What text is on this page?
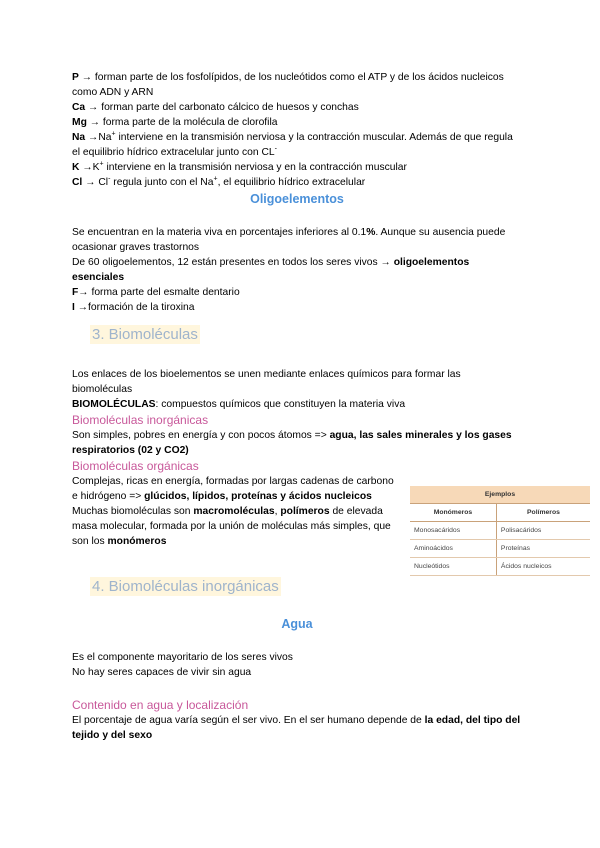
P → forman parte de los fosfolípidos, de los nucleótidos como el ATP y de los ácidos nucleicos como ADN y ARN

Ca → forman parte del carbonato cálcico de huesos y conchas

Mg → forma parte de la molécula de clorofila

Na →Na+ interviene en la transmisión nerviosa y la contracción muscular. Además de que regula el equilibrio hídrico extracelular junto con CL-

K →K+ interviene en la transmisión nerviosa y en la contracción muscular

Cl → Cl- regula junto con el Na+, el equilibrio hídrico extracelular

Oligoelementos

Se encuentran en la materia viva en porcentajes inferiores al 0.1%. Aunque su ausencia puede ocasionar graves trastornos

De 60 oligoelementos, 12 están presentes en todos los seres vivos → oligoelementos esenciales

F→ forma parte del esmalte dentario

I →formación de la tiroxina

3. Biomoléculas

Los enlaces de los bioelementos se unen mediante enlaces químicos para formar las biomoléculas

BIOMOLÉCULAS: compuestos químicos que constituyen la materia viva

Biomoléculas inorgánicas

Son simples, pobres en energía y con pocos átomos => agua, las sales minerales y los gases respiratorios (02 y CO2)

Biomoléculas orgánicas

Complejas, ricas en energía, formadas por largas cadenas de carbono e hidrógeno => glúcidos, lípidos, proteínas y ácidos nucleicos

Muchas biomoléculas son macromoléculas, polímeros de elevada masa molecular, formada por la unión de moléculas más simples, que son los monómeros

Ejemplos	
Monómeros	Polímeros
Monosacáridos	Polisacáridos
Aminoácidos	Proteínas
Nucleótidos	Ácidos nucleicos
4. Biomoléculas inorgánicas
Agua

Es el componente mayoritario de los seres vivos

No hay seres capaces de vivir sin agua

Contenido en agua y localización

El porcentaje de agua varía según el ser vivo. En el ser humano depende de la edad, del tipo del tejido y del sexo
